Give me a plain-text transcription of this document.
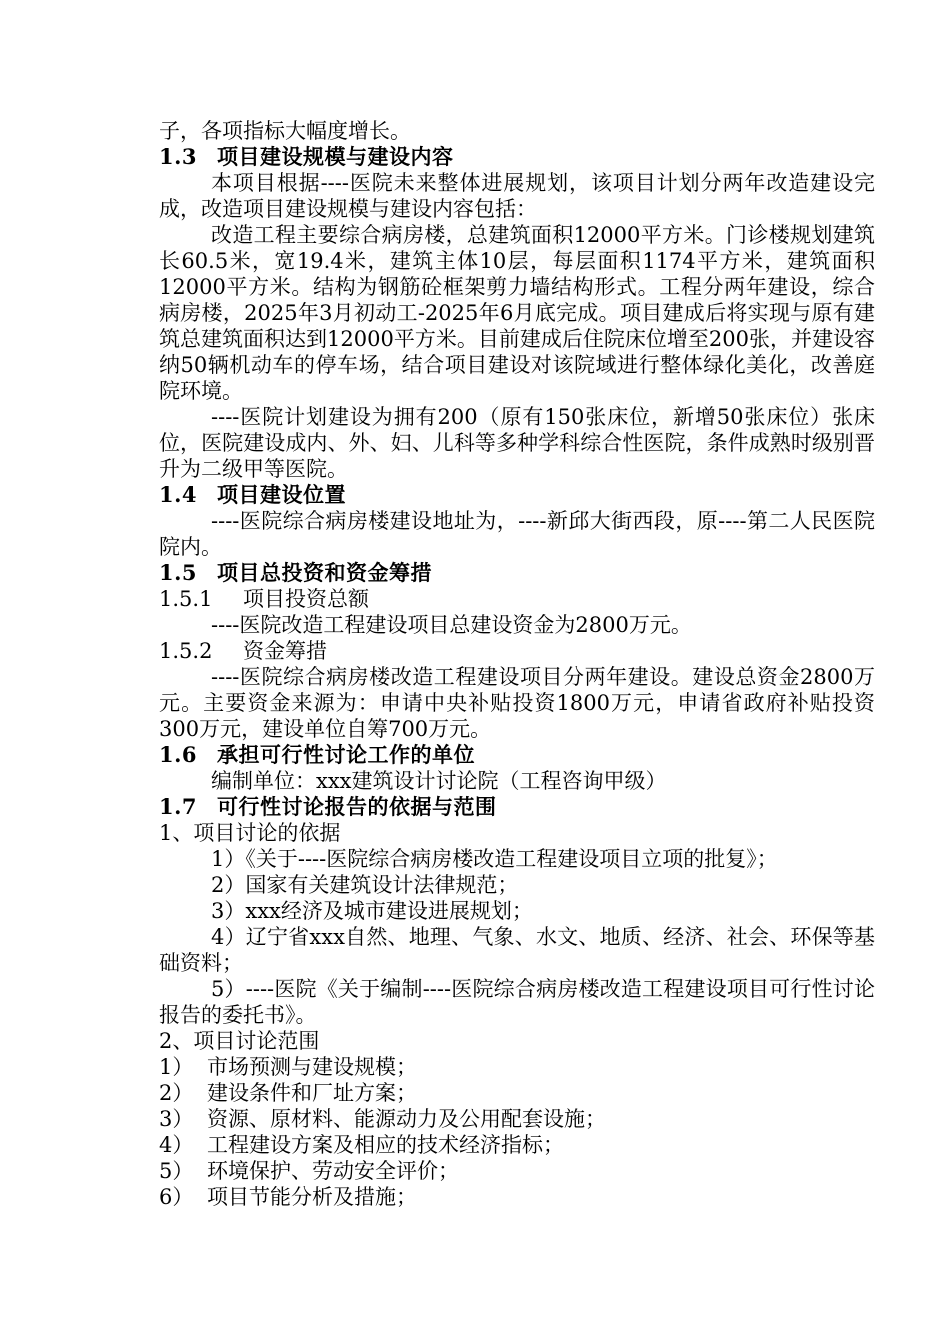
子，各项指标大幅度增长。

1.3 项目建设规模与建设内容

本项目根据----医院未来整体进展规划，该项目计划分两年改造建设完成，改造项目建设规模与建设内容包括：

改造工程主要综合病房楼，总建筑面积12000平方米。门诊楼规划建筑长60.5米，宽19.4米，建筑主体10层，每层面积1174平方米，建筑面积12000平方米。结构为钢筋砼框架剪力墙结构形式。工程分两年建设，综合病房楼，2025年3月初动工-2025年6月底完成。项目建成后将实现与原有建筑总建筑面积达到12000平方米。目前建成后住院床位增至200张，并建设容纳50辆机动车的停车场，结合项目建设对该院域进行整体绿化美化，改善庭院环境。

----医院计划建设为拥有200（原有150张床位，新增50张床位）张床位，医院建设成内、外、妇、儿科等多种学科综合性医院，条件成熟时级别晋升为二级甲等医院。

1.4 项目建设位置

----医院综合病房楼建设地址为，----新邱大街西段，原----第二人民医院院内。

1.5 项目总投资和资金筹措

1.5.1 项目投资总额

----医院改造工程建设项目总建设资金为2800万元。

1.5.2 资金筹措

----医院综合病房楼改造工程建设项目分两年建设。建设总资金2800万元。主要资金来源为：申请中央补贴投资1800万元，申请省政府补贴投资300万元，建设单位自筹700万元。

1.6 承担可行性讨论工作的单位

编制单位：xxx建筑设计讨论院（工程咨询甲级）

1.7 可行性讨论报告的依据与范围

1、项目讨论的依据

1）《关于----医院综合病房楼改造工程建设项目立项的批复》；

2）国家有关建筑设计法律规范；

3）xxx经济及城市建设进展规划；

4）辽宁省xxx自然、地理、气象、水文、地质、经济、社会、环保等基础资料；

5）----医院《关于编制----医院综合病房楼改造工程建设项目可行性讨论报告的委托书》。

2、项目讨论范围

1） 市场预测与建设规模；

2） 建设条件和厂址方案；

3） 资源、原材料、能源动力及公用配套设施；

4） 工程建设方案及相应的技术经济指标；

5） 环境保护、劳动安全评价；

6） 项目节能分析及措施；
